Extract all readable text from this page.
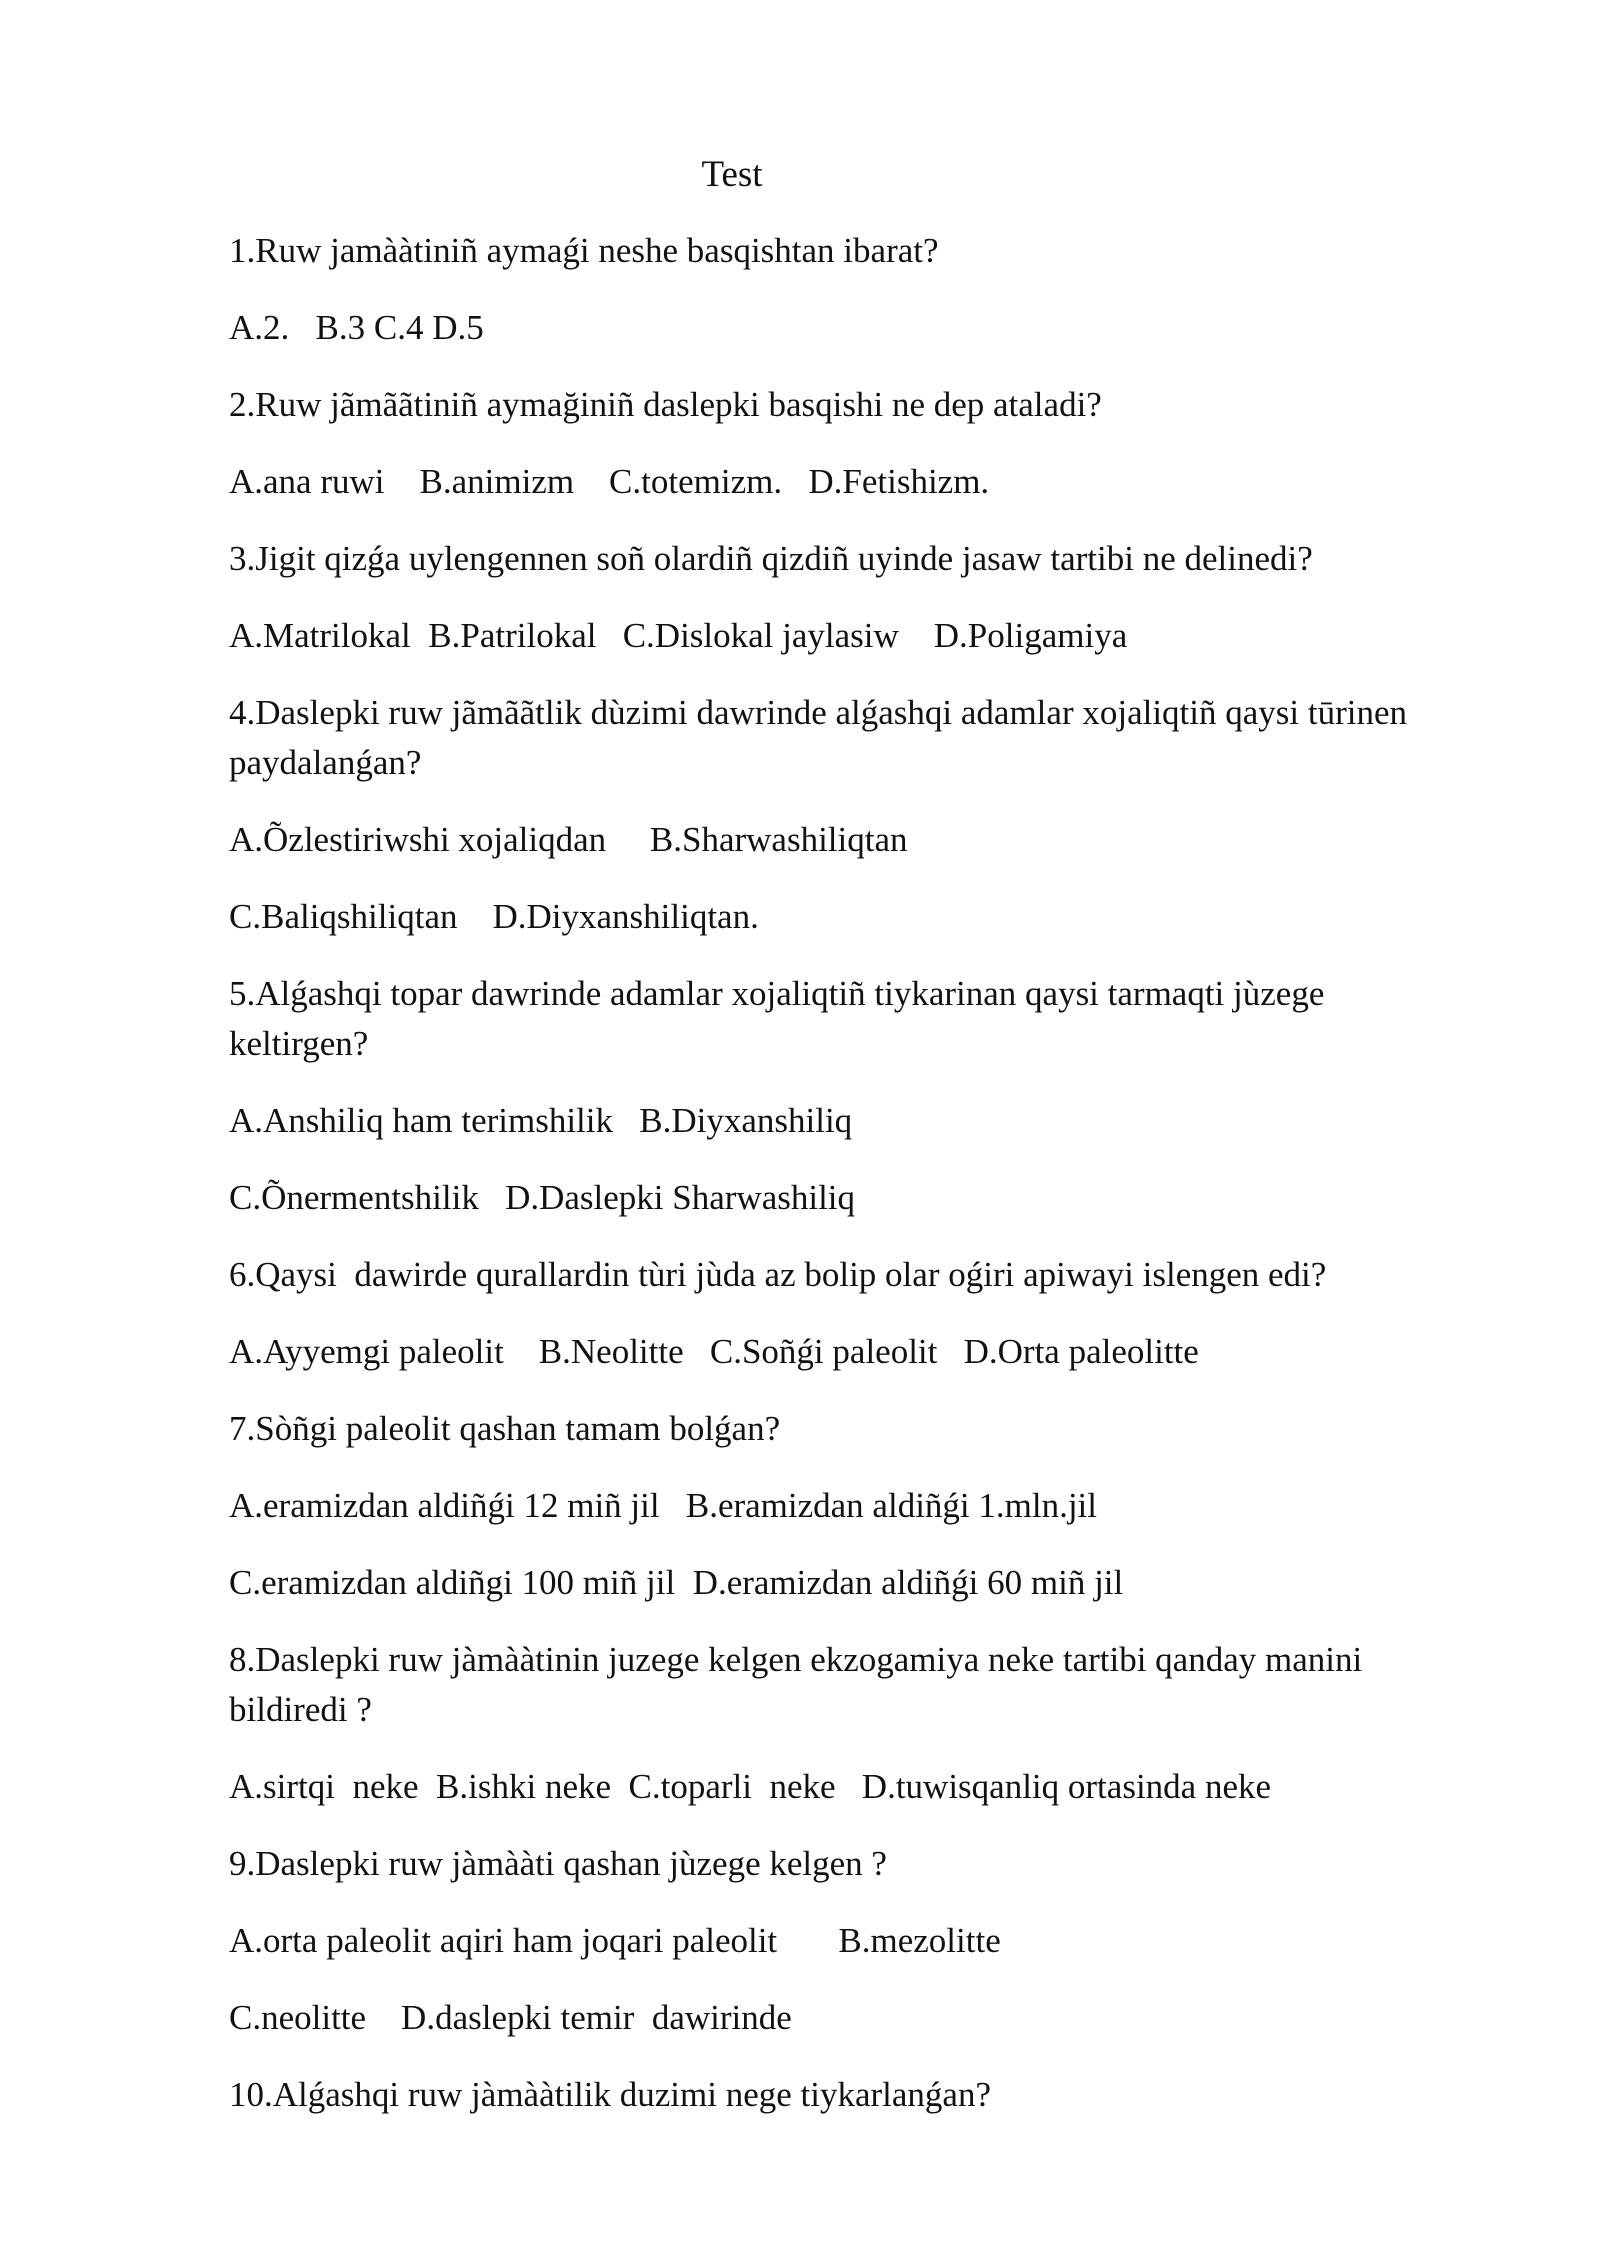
Test

1.Ruw jamààtiniñ aymaǵi neshe basqishtan ibarat?

A.2.   B.3 C.4 D.5

2.Ruw jãmããtiniñ aymağiniñ daslepki basqishi ne dep ataladi?

A.ana ruwi    B.animizm    C.totemizm.   D.Fetishizm.

3.Jigit qizǵa uylengennen soñ olardiñ qizdiñ uyinde jasaw tartibi ne delinedi?

A.Matrilokal  B.Patrilokal   C.Dislokal jaylasiw    D.Poligamiya

4.Daslepki ruw jãmããtlik dùzimi dawrinde alǵashqi adamlar xojaliqtiñ qaysi tūrinen paydalanǵan?

A.Õzlestiriwshi xojaliqdan     B.Sharwashiliqtan

C.Baliqshiliqtan    D.Diyxanshiliqtan.

5.Alǵashqi topar dawrinde adamlar xojaliqtiñ tiykarinan qaysi tarmaqti jùzege keltirgen?

A.Anshiliq ham terimshilik   B.Diyxanshiliq

C.Õnermentshilik   D.Daslepki Sharwashiliq

6.Qaysi  dawirde qurallardin tùri jùda az bolip olar oǵiri apiwayi islengen edi?

A.Ayyemgi paleolit    B.Neolitte   C.Soñǵi paleolit   D.Orta paleolitte

7.Sòñgi paleolit qashan tamam bolǵan?

A.eramizdan aldiñǵi 12 miñ jil   B.eramizdan aldiñǵi 1.mln.jil

C.eramizdan aldiñgi 100 miñ jil  D.eramizdan aldiñǵi 60 miñ jil

8.Daslepki ruw jàmààtinin juzege kelgen ekzogamiya neke tartibi qanday manini bildiredi ?

A.sirtqi  neke  B.ishki neke  C.toparli  neke   D.tuwisqanliq ortasinda neke

9.Daslepki ruw jàmààti qashan jùzege kelgen ?

A.orta paleolit aqiri ham joqari paleolit       B.mezolitte

C.neolitte    D.daslepki temir  dawirinde

10.Alǵashqi ruw jàmààtilik duzimi nege tiykarlanǵan?
